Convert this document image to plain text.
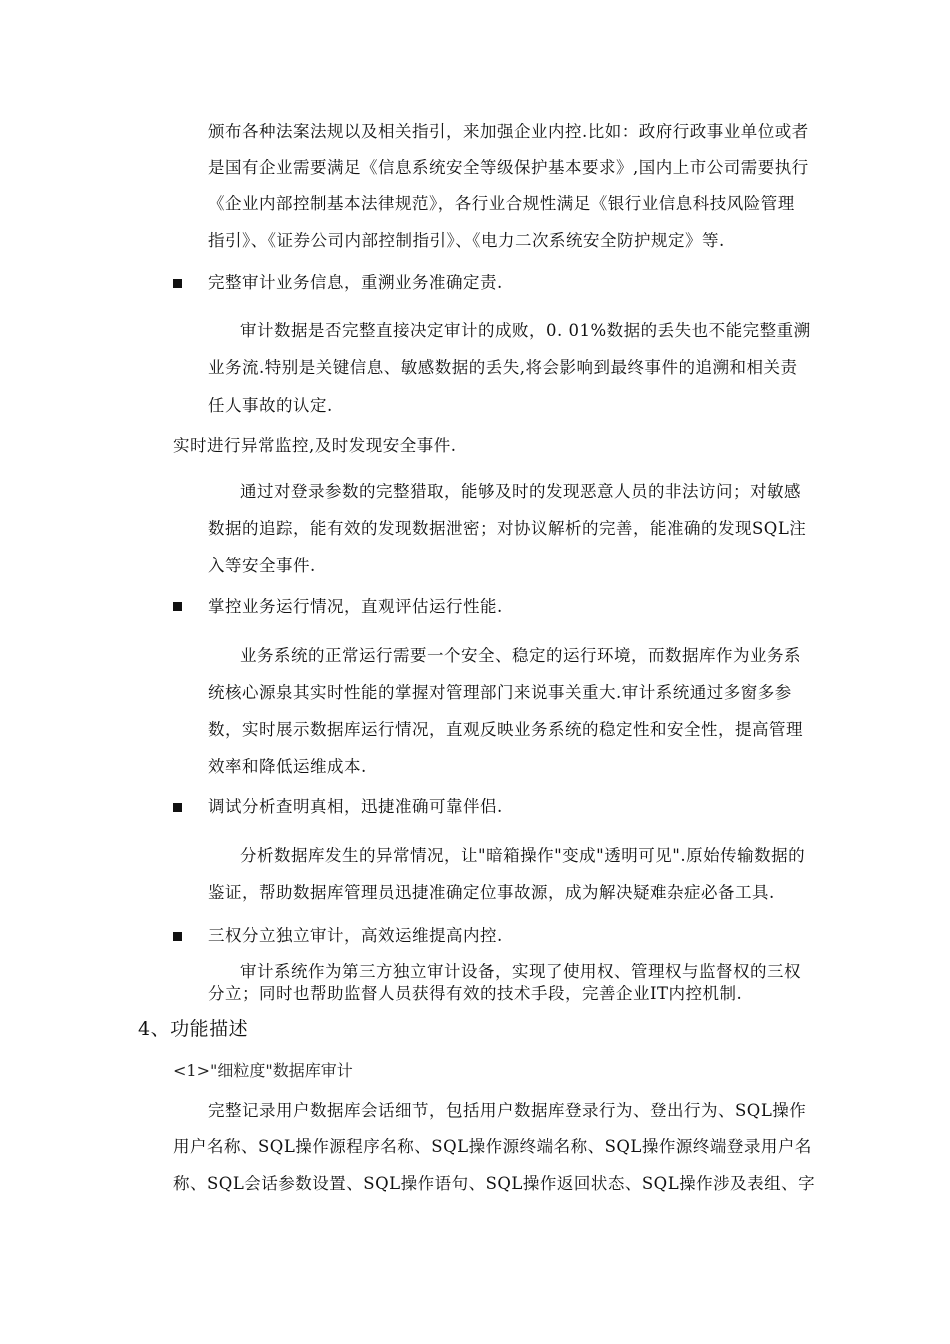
颁布各种法案法规以及相关指引，来加强企业内控.比如：政府行政事业单位或者
是国有企业需要满足《信息系统安全等级保护基本要求》,国内上市公司需要执行
《企业内部控制基本法律规范》，各行业合规性满足《银行业信息科技风险管理
指引》、《证券公司内部控制指引》、《电力二次系统安全防护规定》等.
完整审计业务信息，重溯业务准确定责.
审计数据是否完整直接决定审计的成败，0. 01%数据的丢失也不能完整重溯
业务流.特别是关键信息、敏感数据的丢失,将会影响到最终事件的追溯和相关责
任人事故的认定.
实时进行异常监控,及时发现安全事件.
通过对登录参数的完整猎取，能够及时的发现恶意人员的非法访问；对敏感
数据的追踪，能有效的发现数据泄密；对协议解析的完善，能准确的发现SQL注
入等安全事件.
掌控业务运行情况，直观评估运行性能.
业务系统的正常运行需要一个安全、稳定的运行环境，而数据库作为业务系
统核心源泉其实时性能的掌握对管理部门来说事关重大.审计系统通过多窗多参
数，实时展示数据库运行情况，直观反映业务系统的稳定性和安全性，提高管理
效率和降低运维成本.
调试分析查明真相，迅捷准确可靠伴侣.
分析数据库发生的异常情况，让"暗箱操作"变成"透明可见".原始传输数据的
鉴证，帮助数据库管理员迅捷准确定位事故源，成为解决疑难杂症必备工具.
三权分立独立审计，高效运维提高内控.
审计系统作为第三方独立审计设备，实现了使用权、管理权与监督权的三权
分立；同时也帮助监督人员获得有效的技术手段，完善企业IT内控机制.
4、功能描述
<1>"细粒度"数据库审计
完整记录用户数据库会话细节，包括用户数据库登录行为、登出行为、SQL操作
用户名称、SQL操作源程序名称、SQL操作源终端名称、SQL操作源终端登录用户名
称、SQL会话参数设置、SQL操作语句、SQL操作返回状态、SQL操作涉及表组、字
